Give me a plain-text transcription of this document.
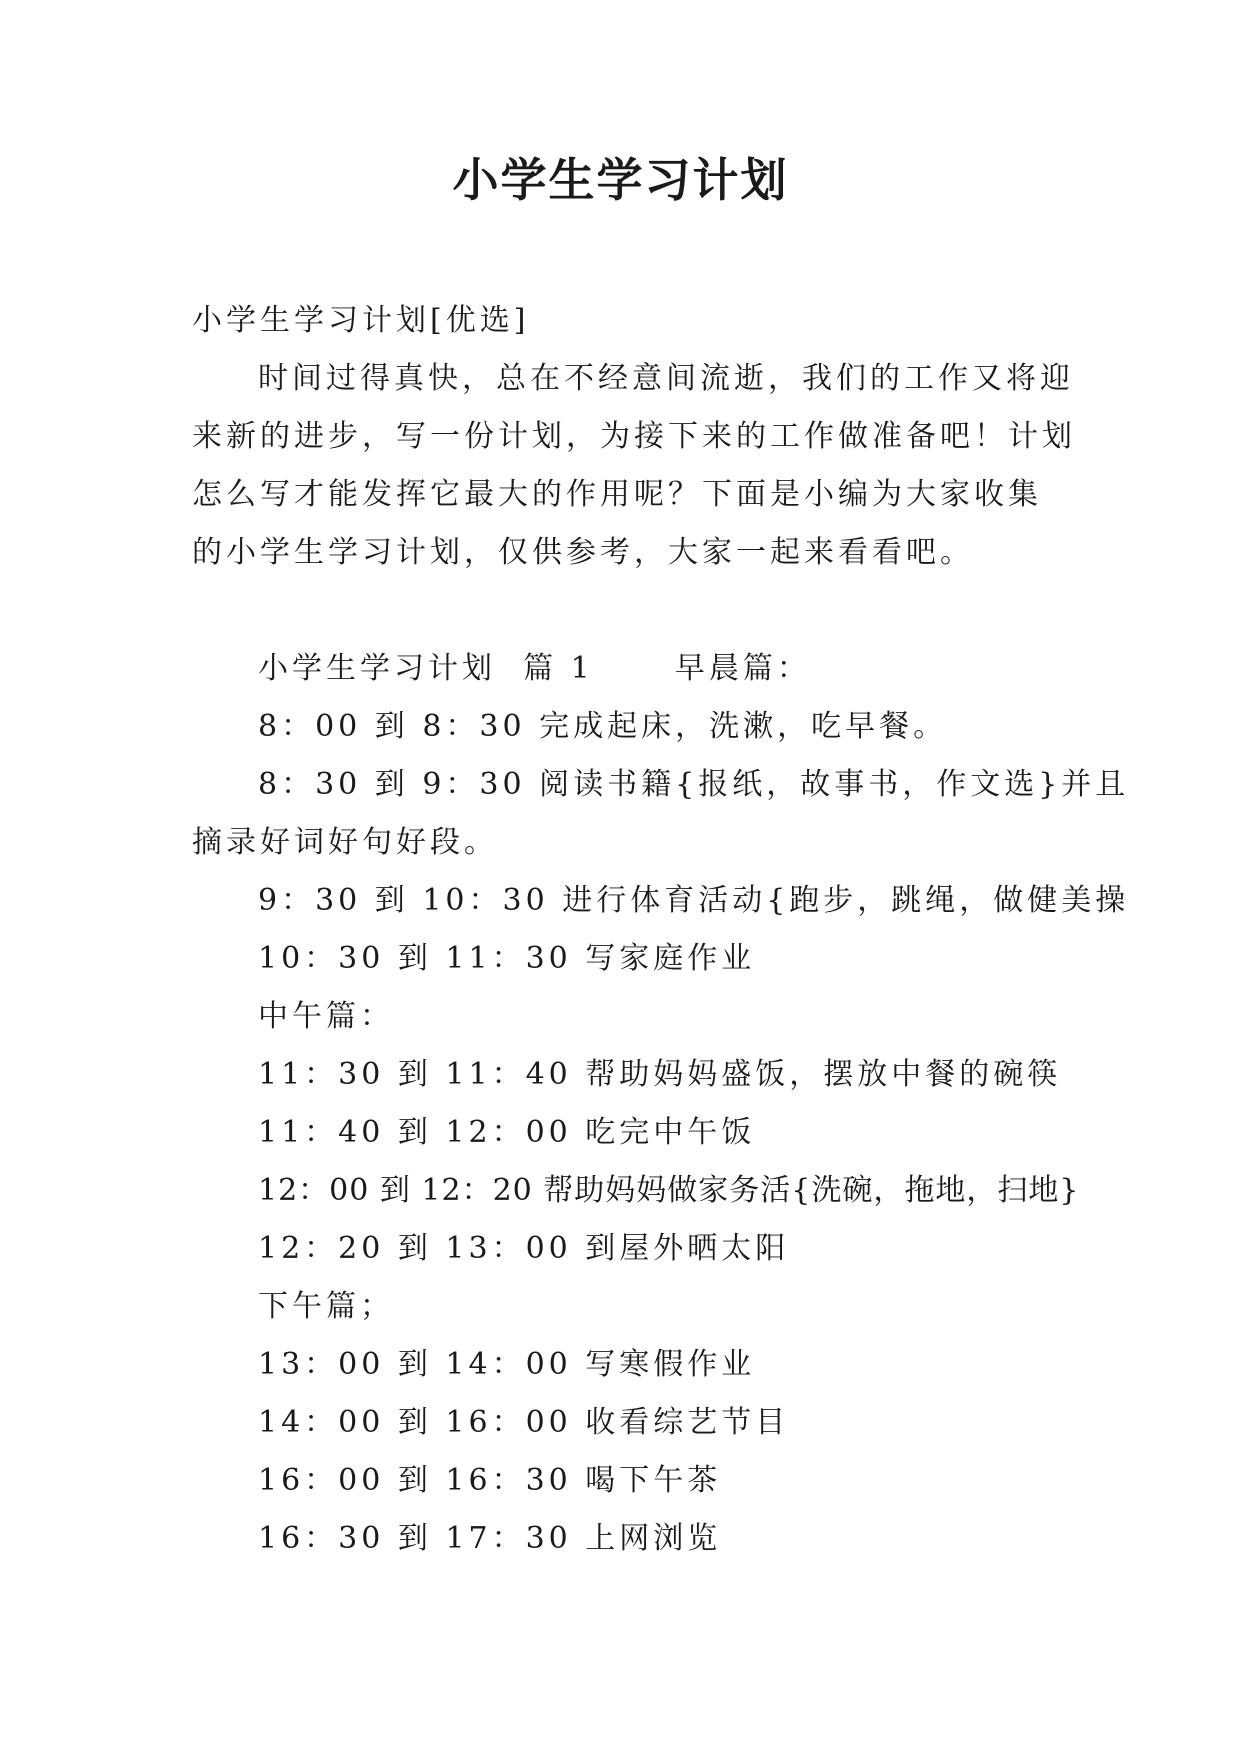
小学生学习计划
小学生学习计划[优选]
时间过得真快，总在不经意间流逝，我们的工作又将迎
来新的进步，写一份计划，为接下来的工作做准备吧！计划
怎么写才能发挥它最大的作用呢？下面是小编为大家收集
的小学生学习计划，仅供参考，大家一起来看看吧。
小学生学习计划  篇 1      早晨篇：
8：00 到 8：30 完成起床，洗漱，吃早餐。
8：30 到 9：30 阅读书籍{报纸，故事书，作文选}并且
摘录好词好句好段。
9：30 到 10：30 进行体育活动{跑步，跳绳，做健美操
10：30 到 11：30 写家庭作业
中午篇：
11：30 到 11：40 帮助妈妈盛饭，摆放中餐的碗筷
11：40 到 12：00 吃完中午饭
12：00 到 12：20 帮助妈妈做家务活{洗碗，拖地，扫地}
12：20 到 13：00 到屋外晒太阳
下午篇；
13：00 到 14：00 写寒假作业
14：00 到 16：00 收看综艺节目
16：00 到 16：30 喝下午茶
16：30 到 17：30 上网浏览
